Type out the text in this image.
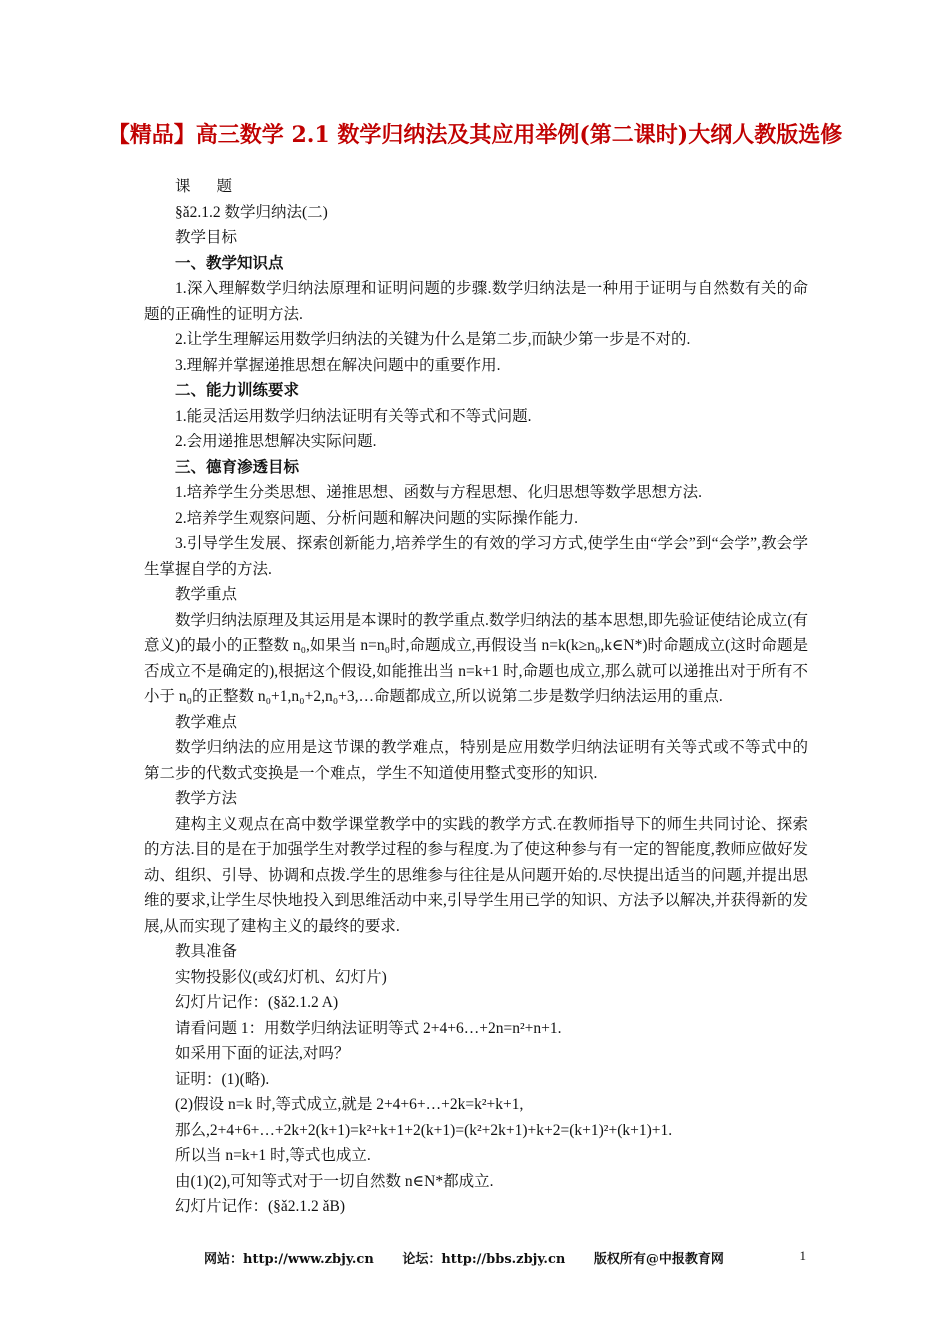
【精品】高三数学 2.1 数学归纳法及其应用举例(第二课时)大纲人教版选修

课题

§ǎ2.1.2 数学归纳法(二)

教学目标

一、教学知识点

1.深入理解数学归纳法原理和证明问题的步骤.数学归纳法是一种用于证明与自然数有关的命题的正确性的证明方法.

2.让学生理解运用数学归纳法的关键为什么是第二步,而缺少第一步是不对的.

3.理解并掌握递推思想在解决问题中的重要作用.

二、能力训练要求

1.能灵活运用数学归纳法证明有关等式和不等式问题.

2.会用递推思想解决实际问题.

三、德育渗透目标

1.培养学生分类思想、递推思想、函数与方程思想、化归思想等数学思想方法.

2.培养学生观察问题、分析问题和解决问题的实际操作能力.

3.引导学生发展、探索创新能力,培养学生的有效的学习方式,使学生由“学会”到“会学”,教会学生掌握自学的方法.

教学重点

数学归纳法原理及其运用是本课时的教学重点.数学归纳法的基本思想,即先验证使结论成立(有意义)的最小的正整数 n₀,如果当 n=n₀时,命题成立,再假设当 n=k(k≥n₀,k∈N*)时命题成立(这时命题是否成立不是确定的),根据这个假设,如能推出当 n=k+1 时,命题也成立,那么就可以递推出对于所有不小于 n₀的正整数 n₀+1,n₀+2,n₀+3,…命题都成立,所以说第二步是数学归纳法运用的重点.

教学难点

数学归纳法的应用是这节课的教学难点，特别是应用数学归纳法证明有关等式或不等式中的第二步的代数式变换是一个难点，学生不知道使用整式变形的知识.

教学方法

建构主义观点在高中数学课堂教学中的实践的教学方式.在教师指导下的师生共同讨论、探索的方法.目的是在于加强学生对教学过程的参与程度.为了使这种参与有一定的智能度,教师应做好发动、组织、引导、协调和点拨.学生的思维参与往往是从问题开始的.尽快提出适当的问题,并提出思维的要求,让学生尽快地投入到思维活动中来,引导学生用已学的知识、方法予以解决,并获得新的发展,从而实现了建构主义的最终的要求.

教具准备

实物投影仪(或幻灯机、幻灯片)

幻灯片记作：(§ǎ2.1.2 A)

请看问题 1：用数学归纳法证明等式 2+4+6…+2n=n²+n+1.

如采用下面的证法,对吗？

证明：(1)(略).

(2)假设 n=k 时,等式成立,就是 2+4+6+…+2k=k²+k+1,

那么,2+4+6+…+2k+2(k+1)=k²+k+1+2(k+1)=(k²+2k+1)+k+2=(k+1)²+(k+1)+1.

所以当 n=k+1 时,等式也成立.

由(1)(2),可知等式对于一切自然数 n∈N*都成立.

幻灯片记作：(§ǎ2.1.2 ǎB)

网站：http://www.zbjy.cn 论坛：http://bbs.zbjy.cn 版权所有@中报教育网	1
